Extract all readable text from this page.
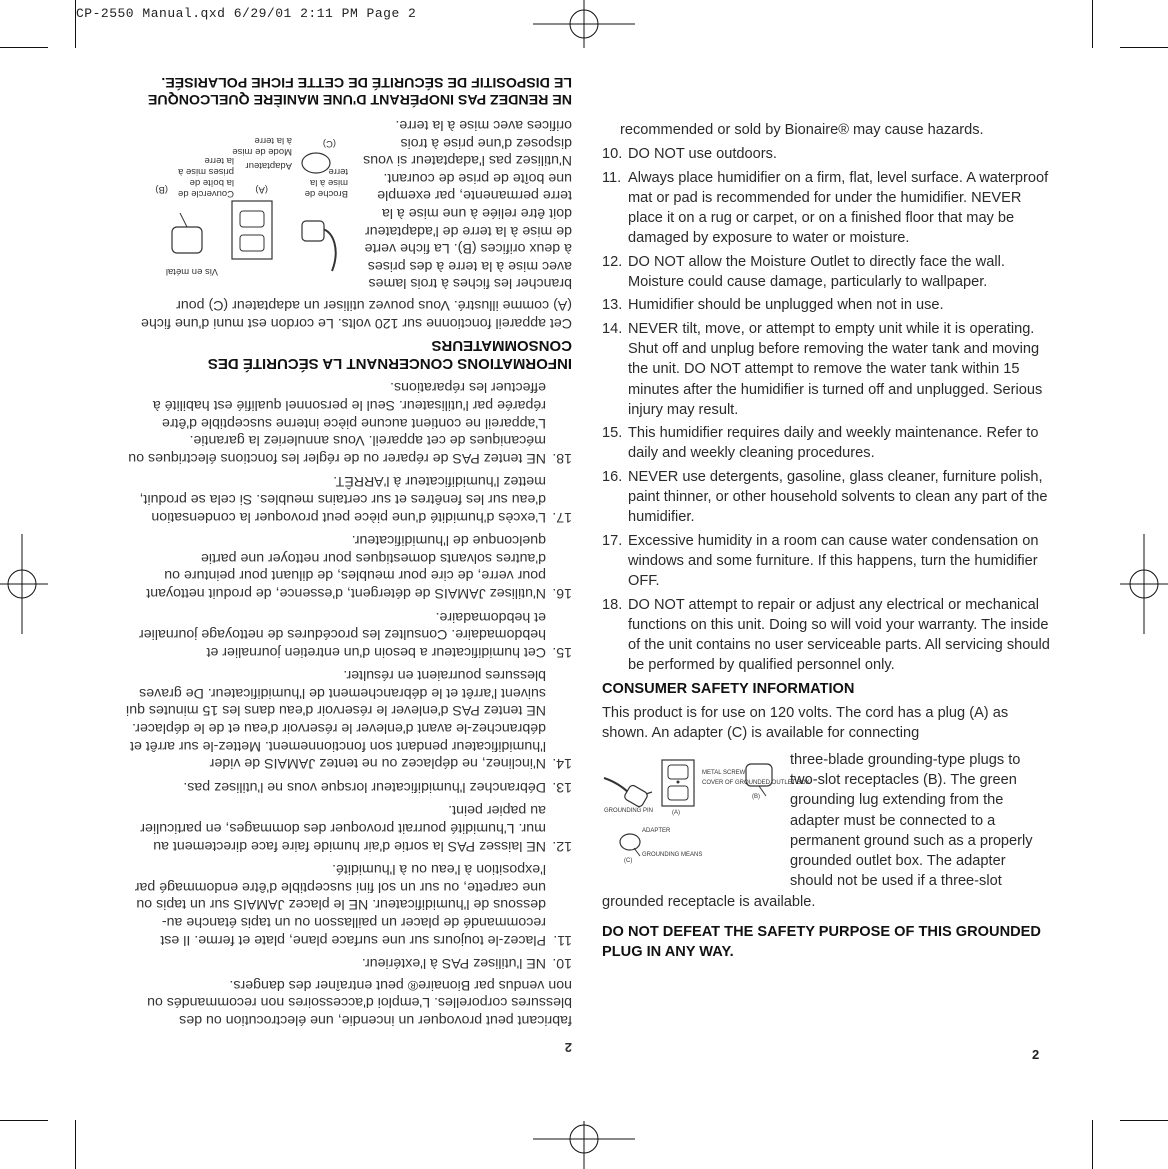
CP-2550 Manual.qxd 6/29/01 2:11 PM Page 2
2

fabricant peut provoquer un incendie, une électrocution ou des blessures corporelles. L'emploi d'accessoires non recommandés ou non vendus par Bionaire® peut entraîner des dangers.

10.
NE l'utilisez PAS à l'extérieur.
11.
Placez-le toujours sur une surface plane, plate et ferme. Il est recommandé de placer un paillasson ou un tapis étanche au-dessous de l'humidificateur. NE le placez JAMAIS sur un tapis ou une carpette, ou sur un sol fini susceptible d'être endommagé par l'exposition à l'eau ou à l'humidité.
12.
NE laissez PAS la sortie d'air humide faire face directement au mur. L'humidité pourrait provoquer des dommages, en particulier au papier peint.
13.
Débranchez l'humidificateur lorsque vous ne l'utilisez pas.
14.
N'inclinez, ne déplacez ou ne tentez JAMAIS de vider l'humidificateur pendant son fonctionnement. Mettez-le sur arrêt et débranchez-le avant d'enlever le réservoir d'eau et de le déplacer. NE tentez PAS d'enlever le réservoir d'eau dans les 15 minutes qui suivent l'arrêt et le débranchement de l'humidificateur. De graves blessures pourraient en résulter.
15.
Cet humidificateur a besoin d'un entretien journalier et hebdomadaire. Consultez les procédures de nettoyage journalier et hebdomadaire.
16.
N'utilisez JAMAIS de détergent, d'essence, de produit nettoyant pour verre, de cire pour meubles, de diluant pour peinture ou d'autres solvants domestiques pour nettoyer une partie quelconque de l'humidificateur.
17.
L'excès d'humidité d'une pièce peut provoquer la condensation d'eau sur les fenêtres et sur certains meubles. Si cela se produit, mettez l'humidificateur à l'ARRÊT.
18.
NE tentez PAS de réparer ou de régler les fonctions électriques ou mécaniques de cet appareil. Vous annuleriez la garantie. L'appareil ne contient aucune pièce interne susceptible d'être réparée par l'utilisateur. Seul le personnel qualifié est habilité à effectuer les réparations.
INFORMATIONS CONCERNANT LA SÉCURITÉ DES CONSOMMATEURS

Cet appareil fonctionne sur 120 volts. Le cordon est muni d'une fiche (A) comme illustré. Vous pouvez utiliser un adaptateur (C) pour

Vis en métal
Broche de mise à la terre
(A)
Couvercle de la boîte de prises mise à la terre
(B)
Adaptateur
(C)
Mode de mise à la terre
brancher les fiches à trois lames avec mise à la terre à des prises à deux orifices (B). La fiche verte de mise à la terre de l'adaptateur doit être reliée à une mise à la terre permanente, par exemple une boîte de prise de courant. N'utilisez pas l'adaptateur si vous disposez d'une prise à trois orifices avec mise à la terre.

NE RENDEZ PAS INOPÉRANT D'UNE MANIÈRE QUELCONQUE LE DISPOSITIF DE SÉCURITÉ DE CETTE FICHE POLARISÉE.

recommended or sold by Bionaire® may cause hazards.

10. DO NOT use outdoors.
11. Always place humidifier on a firm, flat, level surface. A waterproof mat or pad is recommended for under the humidifier. NEVER place it on a rug or carpet, or on a finished floor that may be damaged by exposure to water or moisture.
12. DO NOT allow the Moisture Outlet to directly face the wall. Moisture could cause damage, particularly to wallpaper.
13. Humidifier should be unplugged when not in use.
14. NEVER tilt, move, or attempt to empty unit while it is operating. Shut off and unplug before removing the water tank and moving the unit. DO NOT attempt to remove the water tank within 15 minutes after the humidifier is turned off and unplugged. Serious injury may result.
15. This humidifier requires daily and weekly maintenance. Refer to daily and weekly cleaning procedures.
16. NEVER use detergents, gasoline, glass cleaner, furniture polish, paint thinner, or other household solvents to clean any part of the humidifier.
17. Excessive humidity in a room can cause water condensation on windows and some furniture. If this happens, turn the humidifier OFF.
18. DO NOT attempt to repair or adjust any electrical or mechanical functions on this unit. Doing so will void your warranty. The inside of the unit contains no user serviceable parts. All servicing should be performed by qualified personnel only.
CONSUMER SAFETY INFORMATION

This product is for use on 120 volts. The cord has a plug (A) as shown. An adapter (C) is available for connecting

METAL SCREW
COVER OF GROUNDED OUTLET BOX
GROUNDING PIN	(A)
(B)
ADAPTER
(C)
GROUNDING MEANS
three-blade grounding-type plugs to two-slot receptacles (B). The green grounding lug extending from the adapter must be connected to a permanent ground such as a properly grounded outlet box. The adapter should not be used if a three-slot grounded receptacle is available.

DO NOT DEFEAT THE SAFETY PURPOSE OF THIS GROUNDED PLUG IN ANY WAY.

2
